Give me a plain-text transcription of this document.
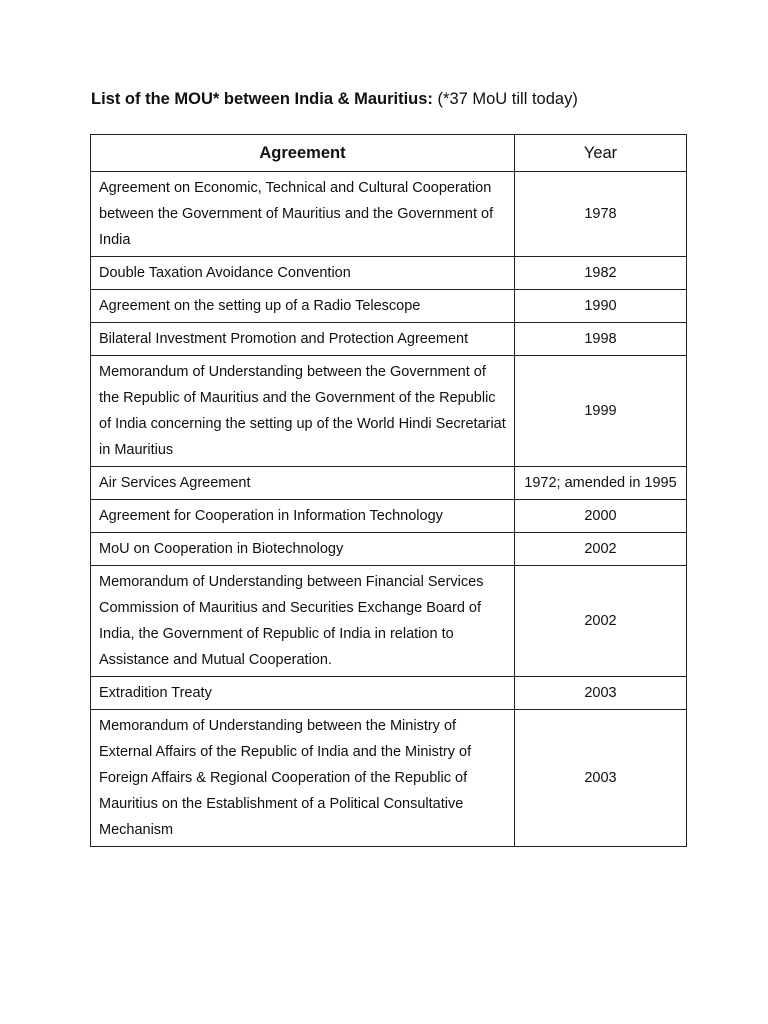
List of the MOU* between India & Mauritius: (*37 MoU till today)
Agreement	Year
Agreement on Economic, Technical and Cultural Cooperation between the Government of Mauritius and the Government of India	1978
Double Taxation Avoidance Convention	1982
Agreement on the setting up of a Radio Telescope	1990
Bilateral Investment Promotion and Protection Agreement	1998
Memorandum of Understanding between the Government of the Republic of Mauritius and the Government of the Republic of India concerning the setting up of the World Hindi Secretariat in Mauritius	1999
Air Services Agreement	1972; amended in 1995
Agreement for Cooperation in Information Technology	2000
MoU on Cooperation in Biotechnology	2002
Memorandum of Understanding between Financial Services Commission of Mauritius and Securities Exchange Board of India, the Government of Republic of India in relation to Assistance and Mutual Cooperation.	2002
Extradition Treaty	2003
Memorandum of Understanding between the Ministry of External Affairs of the Republic of India and the Ministry of Foreign Affairs & Regional Cooperation of the Republic of Mauritius on the Establishment of a Political Consultative Mechanism	2003
